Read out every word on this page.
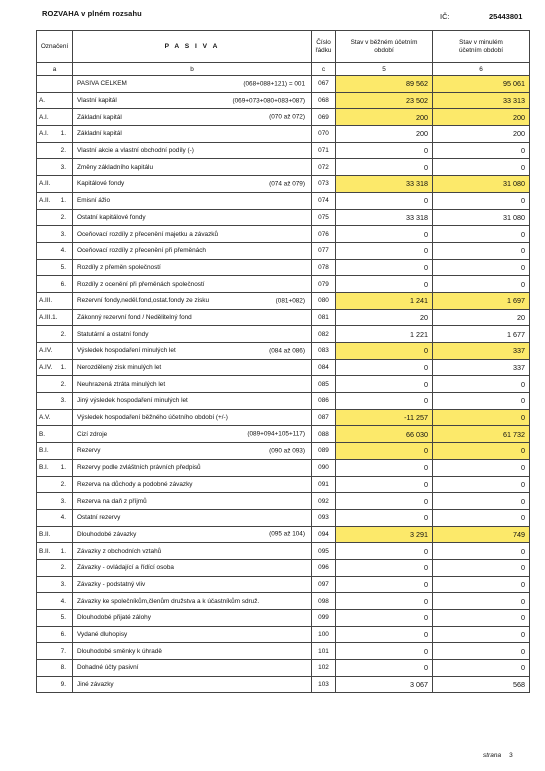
ROZVAHA v plném rozsahu	IČ:	25443801
Označení	P A S I V A	Číslo řádku	Stav v běžném účetním období	Stav v minulém účetním období
a	b	c	5	6
	PASIVA CELKEM (068+088+121) = 001	067	89 562	95 061
A.	Vlastní kapitál (069+073+080+083+087)	068	23 502	33 313
A.I.	Základní kapitál (070 až 072)	069	200	200
A.I. 1.	Základní kapitál	070	200	200

2.	Vlastní akcie a vlastní obchodní podíly (-)	071	0	0

3.	Změny základního kapitálu	072	0	0
A.II.	Kapitálové fondy (074 až 079)	073	33 318	31 080
A.II. 1.	Emisní ážio	074	0	0

2.	Ostatní kapitálové fondy	075	33 318	31 080

3.	Oceňovací rozdíly z přecenění majetku a závazků	076	0	0

4.	Oceňovací rozdíly z přecenění při přeměnách	077	0	0

5.	Rozdíly z přeměn společností	078	0	0

6.	Rozdíly z ocenění při přeměnách společností	079	0	0
A.III.	Rezervní fondy,neděl.fond,ostat.fondy ze zisku (081+082)	080	1 241	1 697
A.III.1.	Zákonný rezervní fond / Nedělitelný fond	081	20	20

2.	Statutární a ostatní fondy	082	1 221	1 677
A.IV.	Výsledek hospodaření minulých let (084 až 086)	083	0	337
A.IV. 1.	Nerozdělený zisk minulých let	084	0	337

2.	Neuhrazená ztráta minulých let	085	0	0

3.	Jiný výsledek hospodaření minulých let	086	0	0
A.V.	Výsledek hospodaření běžného účetního období (+/-)	087	-11 257	0
B.	Cizí zdroje (089+094+105+117)	088	66 030	61 732
B.I.	Rezervy (090 až 093)	089	0	0
B.I. 1.	Rezervy podle zvláštních právních předpisů	090	0	0

2.	Rezerva na důchody a podobné závazky	091	0	0

3.	Rezerva na daň z příjmů	092	0	0

4.	Ostatní rezervy	093	0	0
B.II.	Dlouhodobé závazky (095 až 104)	094	3 291	749
B.II. 1.	Závazky z obchodních vztahů	095	0	0

2.	Závazky - ovládající a řídící osoba	096	0	0

3.	Závazky - podstatný vliv	097	0	0

4.	Závazky ke společníkům,členům družstva a k účastníkům sdruž.	098	0	0

5.	Dlouhodobé přijaté zálohy	099	0	0

6.	Vydané dluhopisy	100	0	0

7.	Dlouhodobé směnky k úhradě	101	0	0

8.	Dohadné účty pasivní	102	0	0

9.	Jiné závazky	103	3 067	568
strana 3
